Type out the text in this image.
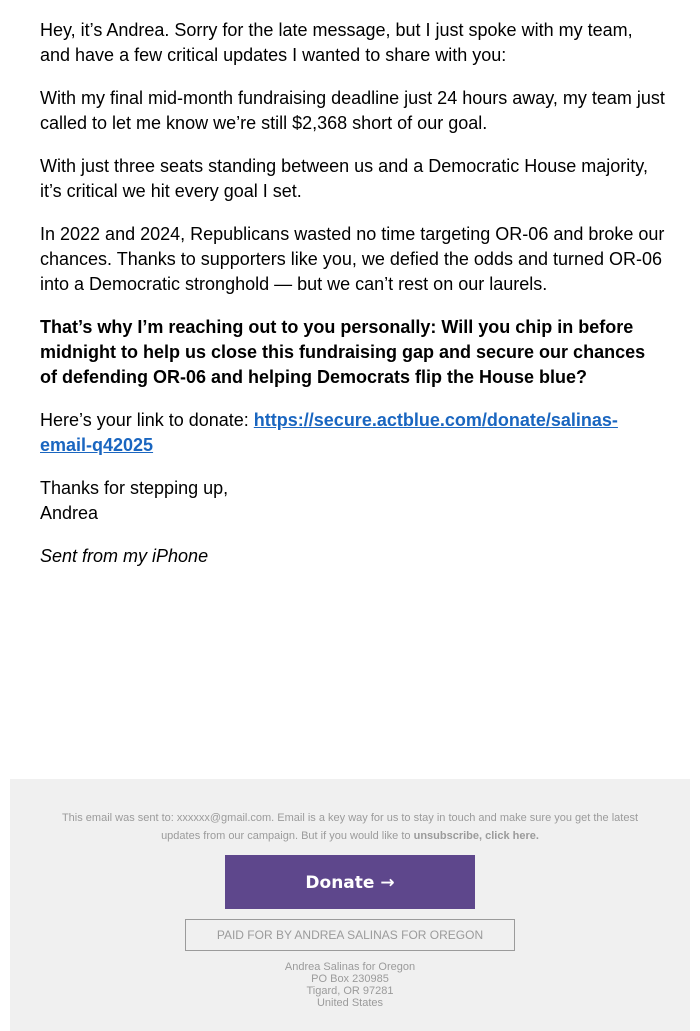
Hey, it’s Andrea. Sorry for the late message, but I just spoke with my team, and have a few critical updates I wanted to share with you:

With my final mid-month fundraising deadline just 24 hours away, my team just called to let me know we’re still $2,368 short of our goal.

With just three seats standing between us and a Democratic House majority, it’s critical we hit every goal I set.

In 2022 and 2024, Republicans wasted no time targeting OR-06 and broke our chances. Thanks to supporters like you, we defied the odds and turned OR-06 into a Democratic stronghold — but we can’t rest on our laurels.

That’s why I’m reaching out to you personally: Will you chip in before midnight to help us close this fundraising gap and secure our chances of defending OR-06 and helping Democrats flip the House blue?

Here’s your link to donate: https://secure.actblue.com/donate/salinas-email-q42025

Thanks for stepping up,
Andrea

Sent from my iPhone

This email was sent to: xxxxxx@gmail.com. Email is a key way for us to stay in touch and make sure you get the latest updates from our campaign. But if you would like to unsubscribe, click here.
Donate →
PAID FOR BY ANDREA SALINAS FOR OREGON
Andrea Salinas for Oregon
PO Box 230985
Tigard, OR 97281
United States
